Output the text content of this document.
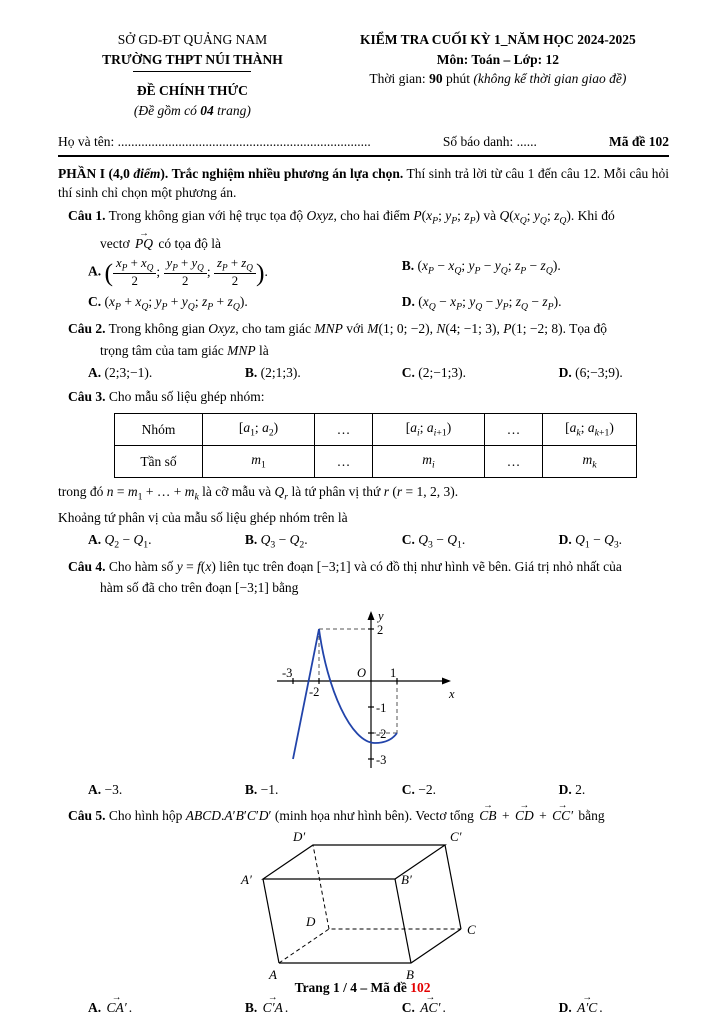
SỞ GD-ĐT QUẢNG NAM
TRƯỜNG THPT NÚI THÀNH
ĐỀ CHÍNH THỨC
(Đề gồm có 04 trang)
KIỂM TRA CUỐI KỲ 1_NĂM HỌC 2024-2025
Môn: Toán – Lớp: 12
Thời gian: 90 phút (không kể thời gian giao đề)
Họ và tên: ...........................................................................	Số báo danh: ......	Mã đề 102

PHẦN I (4,0 điểm). Trắc nghiệm nhiều phương án lựa chọn. Thí sinh trả lời từ câu 1 đến câu 12. Mỗi câu hỏi thí sinh chỉ chọn một phương án.

Câu 1. Trong không gian với hệ trục tọa độ Oxyz, cho hai điểm $P(x_P$; $y_P$; $z_P$) và $Q(x_Q$; $y_Q$; $z_Q$). Khi đó

vectơ → PQ có tọa độ là

A. ( $\frac{x_P + x_Q}{2}$ ; $\frac{y_P + y_Q}{2}$ ; $\frac{z_P + z_Q}{2}$ ).	B. ($x_P - x_Q$; $y_P - y_Q$; $z_P - z_Q$).
C. ($x_P + x_Q$; $y_P + y_Q$; $z_P + z_Q$).	D. ($x_Q - x_P$; $y_Q - y_P$; $z_Q - z_P$).

Câu 2. Trong không gian Oxyz, cho tam giác MNP với M(1; 0; −2), N(4; −1; 3), P(1; −2; 8). Tọa độ

trọng tâm của tam giác MNP là

A. (2;3;−1).	B. (2;1;3).	C. (2;−1;3).	D. (6;−3;9).

Câu 3. Cho mẫu số liệu ghép nhóm:

Nhóm	[$a_1$; $a_2$)	…	[$a_i$; $a_{i+1}$)	…	[$a_k$; $a_{k+1}$)
Tần số	$m_1$	…	$m_i$	…	$m_k$

trong đó $n = m_1$ + … + $m_k$ là cỡ mẫu và $Q_r$ là tứ phân vị thứ r (r = 1, 2, 3).

Khoảng tứ phân vị của mẫu số liệu ghép nhóm trên là

A. $Q_2 - Q_1$.	B. $Q_3 - Q_2$.	C. $Q_3 - Q_1$.	D. $Q_1 - Q_3$.

Câu 4. Cho hàm số y = f(x) liên tục trên đoạn [−3;1] và có đồ thị như hình vẽ bên. Giá trị nhỏ nhất của

hàm số đã cho trên đoạn [−3;1] bằng

y
x
O
-3
-2
1
2
-1
-2
-3
A. −3.	B. −1.	C. −2.	D. 2.

Câu 5. Cho hình hộp ABCD.A′B′C′D′ (minh họa như hình bên). Vectơ tổng → CB + → CD + → CC′ bằng

A	B
C
D
A′	B′
C′
D′
A. → CA′ .	B. → C′A .	C. → AC′ .	D. → A′C .
Trang 1 / 4 – Mã đề 102
